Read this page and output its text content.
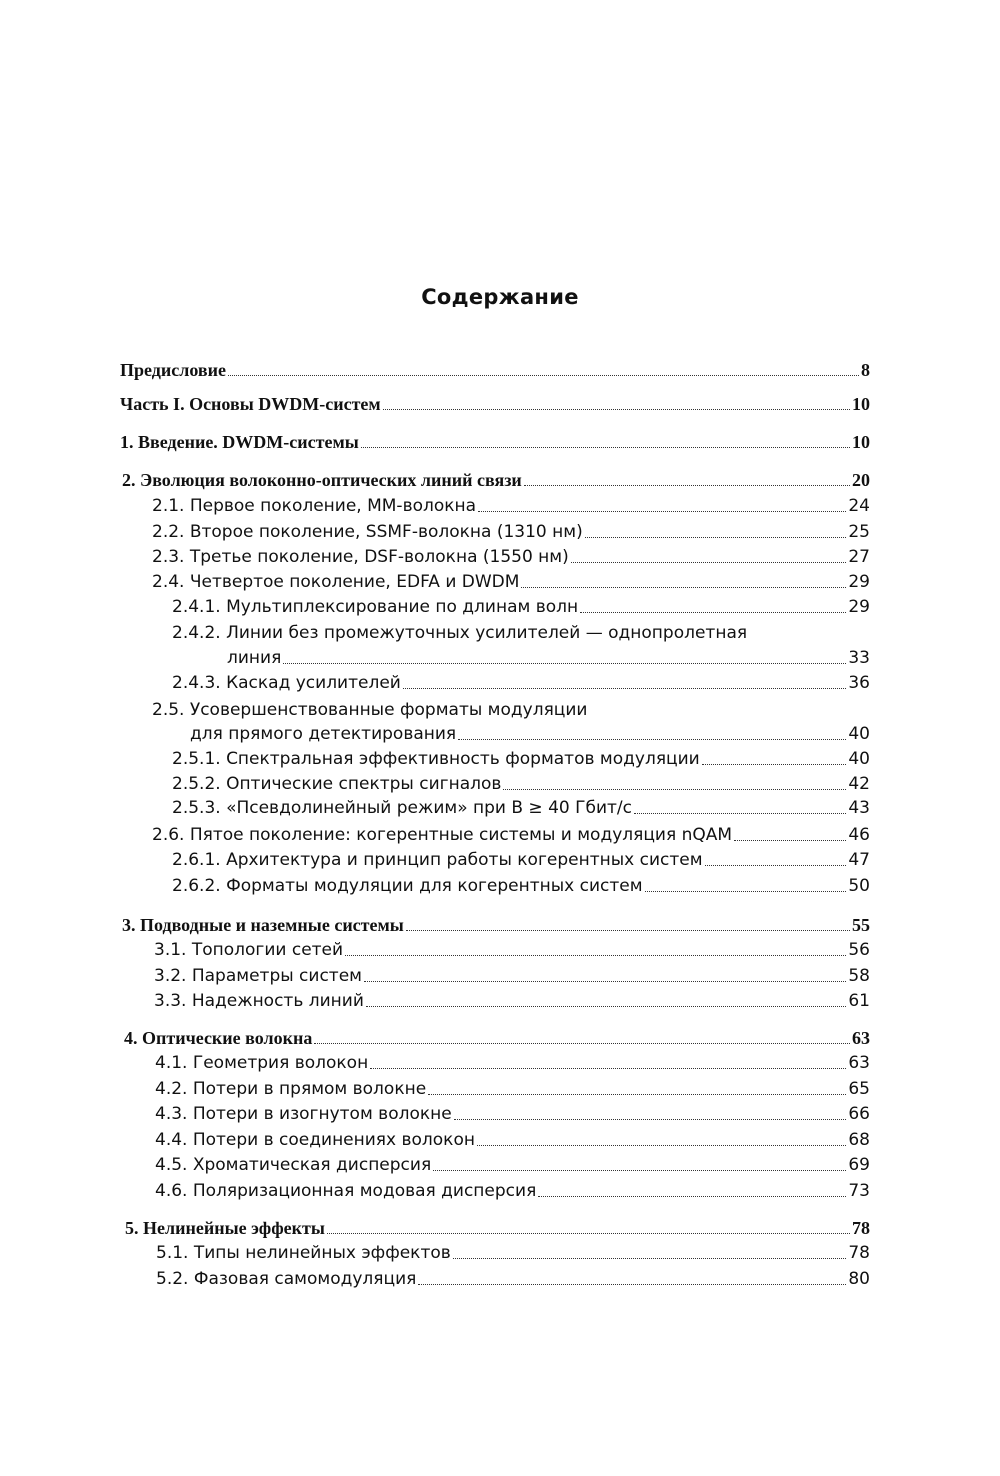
Содержание
Предисловие	8
Часть I. Основы DWDM-систем	10
1. Введение. DWDM-системы	10
2. Эволюция волоконно-оптических линий связи	20
2.1. Первое поколение, ММ-волокна	24
2.2. Второе поколение, SSMF-волокна (1310 нм)	25
2.3. Третье поколение, DSF-волокна (1550 нм)	27
2.4. Четвертое поколение, EDFA и DWDM	29
2.4.1. Мультиплексирование по длинам волн	29
2.4.2. Линии без промежуточных усилителей — однопролетная
линия	33
2.4.3. Каскад усилителей	36
2.5. Усовершенствованные форматы модуляции
для прямого детектирования	40
2.5.1. Спектральная эффективность форматов модуляции	40
2.5.2. Оптические спектры сигналов	42
2.5.3. «Псевдолинейный режим» при B ≥ 40 Гбит/с	43
2.6. Пятое поколение: когерентные системы и модуляция nQAM	46
2.6.1. Архитектура и принцип работы когерентных систем	47
2.6.2. Форматы модуляции для когерентных систем	50
3. Подводные и наземные системы	55
3.1. Топологии сетей	56
3.2. Параметры систем	58
3.3. Надежность линий	61
4. Оптические волокна	63
4.1. Геометрия волокон	63
4.2. Потери в прямом волокне	65
4.3. Потери в изогнутом волокне	66
4.4. Потери в соединениях волокон	68
4.5. Хроматическая дисперсия	69
4.6. Поляризационная модовая дисперсия	73
5. Нелинейные эффекты	78
5.1. Типы нелинейных эффектов	78
5.2. Фазовая самомодуляция	80
